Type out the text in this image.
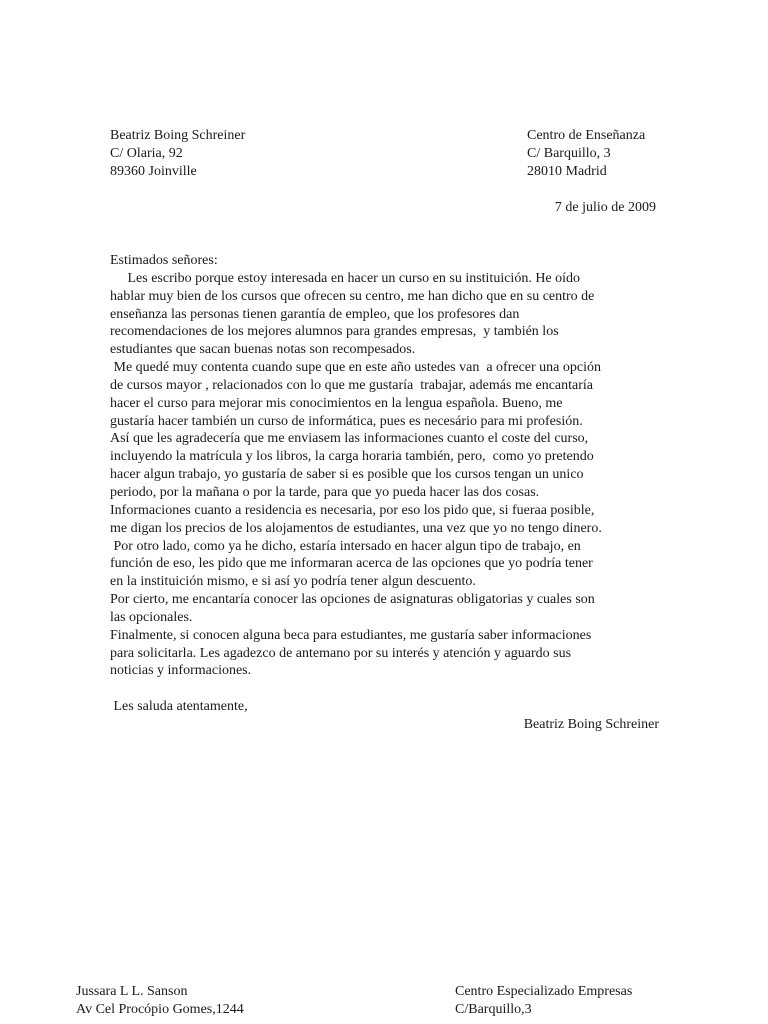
Beatriz Boing Schreiner
C/ Olaria, 92
89360 Joinville
Centro de Enseñanza
C/ Barquillo, 3
28010 Madrid
7 de julio de 2009
Estimados señores:
Les escribo porque estoy interesada en hacer un curso en su instituición. He oído
hablar muy bien de los cursos que ofrecen su centro, me han dicho que en su centro de
enseñanza las personas tienen garantía de empleo, que los profesores dan
recomendaciones de los mejores alumnos para grandes empresas,  y también los
estudiantes que sacan buenas notas son recompesados.
Me quedé muy contenta cuando supe que en este año ustedes van  a ofrecer una opción
de cursos mayor , relacionados con lo que me gustaría  trabajar, además me encantaría
hacer el curso para mejorar mis conocimientos en la lengua española. Bueno, me
gustaría hacer también un curso de informática, pues es necesário para mi profesión.
Así que les agradecería que me enviasem las informaciones cuanto el coste del curso,
incluyendo la matrícula y los libros, la carga horaria también, pero,  como yo pretendo
hacer algun trabajo, yo gustaría de saber si es posible que los cursos tengan un unico
periodo, por la mañana o por la tarde, para que yo pueda hacer las dos cosas.
Informaciones cuanto a residencia es necesaria, por eso los pido que, si fueraa posible,
me digan los precios de los alojamentos de estudiantes, una vez que yo no tengo dinero.
Por otro lado, como ya he dicho, estaría intersado en hacer algun tipo de trabajo, en
función de eso, les pido que me informaran acerca de las opciones que yo podría tener
en la instituición mismo, e si así yo podría tener algun descuento.
Por cierto, me encantaría conocer las opciones de asignaturas obligatorias y cuales son
las opcionales.
Finalmente, si conocen alguna beca para estudiantes, me gustaría saber informaciones
para solicitarla. Les agadezco de antemano por su interés y atención y aguardo sus
noticias y informaciones.
Les saluda atentamente,
Beatriz Boing Schreiner
Jussara L L. Sanson
Av Cel Procópio Gomes,1244
Centro Especializado Empresas
C/Barquillo,3
